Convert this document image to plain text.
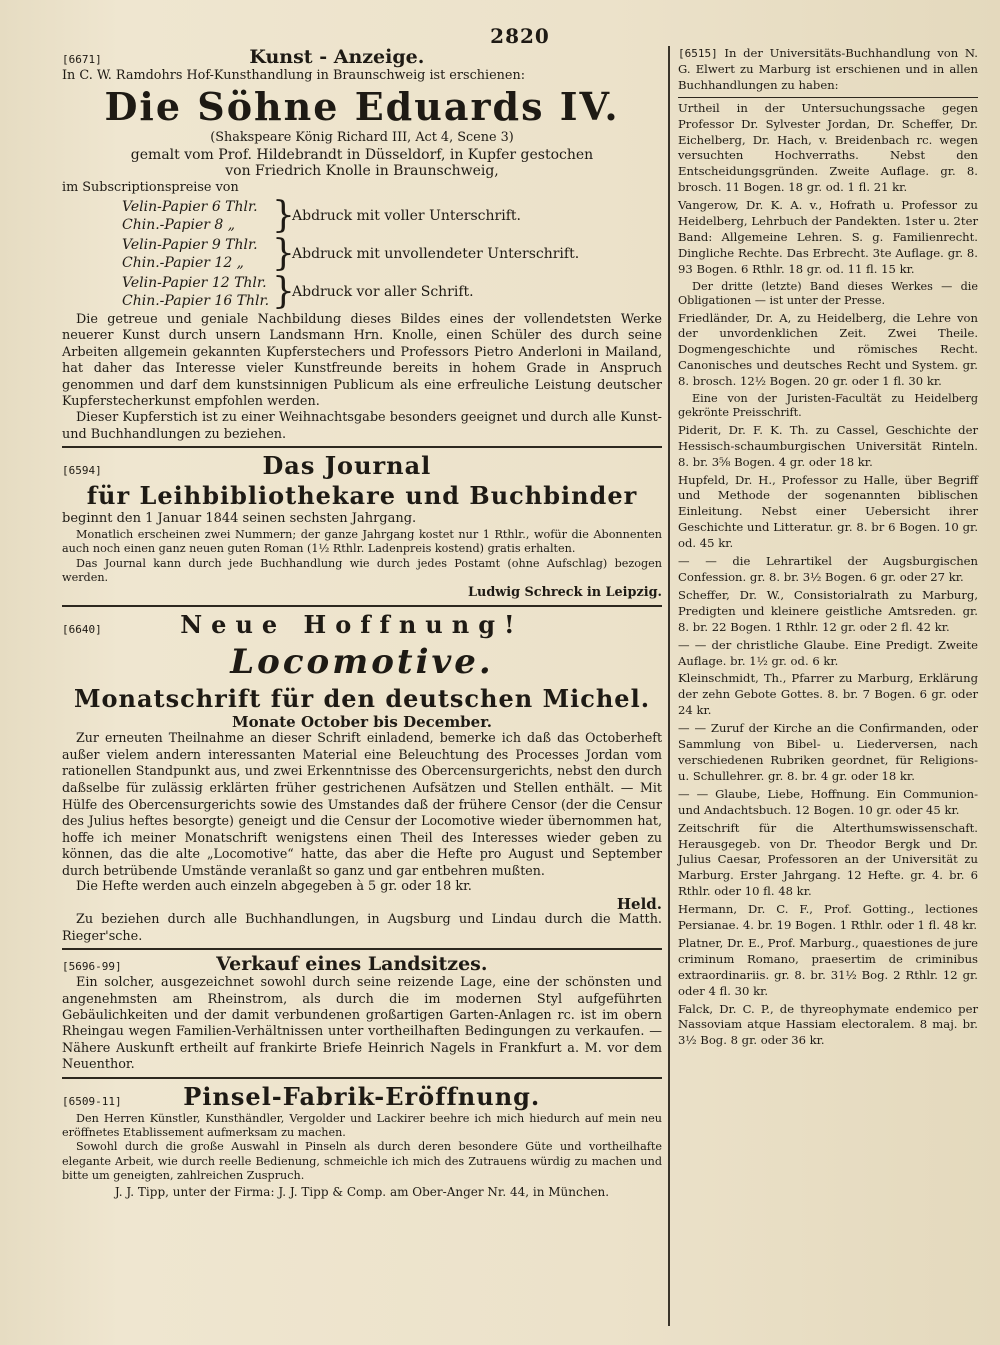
2820
[6671]	Kunst - Anzeige.
In C. W. Ramdohrs Hof-Kunsthandlung in Braunschweig ist erschienen:
Die Söhne Eduards IV.
(Shakspeare König Richard III, Act 4, Scene 3)
gemalt vom Prof. Hildebrandt in Düsseldorf, in Kupfer gestochen
von Friedrich Knolle in Braunschweig,
im Subscriptionspreise von
Velin-Papier 6 Thlr.
Chin.-Papier 8 „	}
Abdruck mit voller Unterschrift.
Velin-Papier 9 Thlr.
Chin.-Papier 12 „ }
Abdruck mit unvollendeter Unterschrift.
Velin-Papier 12 Thlr.
Chin.-Papier 16 Thlr. }
Abdruck vor aller Schrift.
Die getreue und geniale Nachbildung dieses Bildes eines der vollendetsten Werke neuerer Kunst durch unsern Landsmann Hrn. Knolle, einen Schüler des durch seine Arbeiten allgemein gekannten Kupferstechers und Professors Pietro Anderloni in Mailand, hat daher das Interesse vieler Kunstfreunde bereits in hohem Grade in Anspruch genommen und darf dem kunstsinnigen Publicum als eine erfreuliche Leistung deutscher Kupferstecherkunst empfohlen werden.
Dieser Kupferstich ist zu einer Weihnachtsgabe besonders geeignet und durch alle Kunst- und Buchhandlungen zu beziehen.
[6594]	Das Journal
für Leihbibliothekare und Buchbinder
beginnt den 1 Januar 1844 seinen sechsten Jahrgang.
Monatlich erscheinen zwei Nummern; der ganze Jahrgang kostet nur 1 Rthlr., wofür die Abonnenten auch noch einen ganz neuen guten Roman (1½ Rthlr. Ladenpreis kostend) gratis erhalten.
Das Journal kann durch jede Buchhandlung wie durch jedes Postamt (ohne Aufschlag) bezogen werden.
Ludwig Schreck in Leipzig.
[6640]	Neue Hoffnung!
Locomotive.
Monatschrift für den deutschen Michel.
Monate October bis December.
Zur erneuten Theilnahme an dieser Schrift einladend, bemerke ich daß das Octoberheft außer vielem andern interessanten Material eine Beleuchtung des Processes Jordan vom rationellen Standpunkt aus, und zwei Erkenntnisse des Obercensurgerichts, nebst den durch daßselbe für zulässig erklärten früher gestrichenen Aufsätzen und Stellen enthält. — Mit Hülfe des Obercensurgerichts sowie des Umstandes daß der frühere Censor (der die Censur des Julius heftes besorgte) geneigt und die Censur der Locomotive wieder übernommen hat, hoffe ich meiner Monatschrift wenigstens einen Theil des Interesses wieder geben zu können, das die alte „Locomotive“ hatte, das aber die Hefte pro August und September durch betrübende Umstände veranlaßt so ganz und gar entbehren mußten.
Die Hefte werden auch einzeln abgegeben à 5 gr. oder 18 kr.
Held.
Zu beziehen durch alle Buchhandlungen, in Augsburg und Lindau durch die Matth. Rieger'sche.
[5696-99]	Verkauf eines Landsitzes.
Ein solcher, ausgezeichnet sowohl durch seine reizende Lage, eine der schönsten und angenehmsten am Rheinstrom, als durch die im modernen Styl aufgeführten Gebäulichkeiten und der damit verbundenen großartigen Garten-Anlagen rc. ist im obern Rheingau wegen Familien-Verhältnissen unter vortheilhaften Bedingungen zu verkaufen. — Nähere Auskunft ertheilt auf frankirte Briefe Heinrich Nagels in Frankfurt a. M. vor dem Neuenthor.
[6509-11]	Pinsel-Fabrik-Eröffnung.
Den Herren Künstler, Kunsthändler, Vergolder und Lackirer beehre ich mich hiedurch auf mein neu eröffnetes Etablissement aufmerksam zu machen.
Sowohl durch die große Auswahl in Pinseln als durch deren besondere Güte und vortheilhafte elegante Arbeit, wie durch reelle Bedienung, schmeichle ich mich des Zutrauens würdig zu machen und bitte um geneigten, zahlreichen Zuspruch.
J. J. Tipp, unter der Firma: J. J. Tipp & Comp. am Ober-Anger Nr. 44, in München.
[6515] In der Universitäts-Buchhandlung von N. G. Elwert zu Marburg ist erschienen und in allen Buchhandlungen zu haben:
Urtheil in der Untersuchungssache gegen Professor Dr. Sylvester Jordan, Dr. Scheffer, Dr. Eichelberg, Dr. Hach, v. Breidenbach rc. wegen versuchten Hochverraths. Nebst den Entscheidungsgründen. Zweite Auflage. gr. 8. brosch. 11 Bogen. 18 gr. od. 1 fl. 21 kr.
Vangerow, Dr. K. A. v., Hofrath u. Professor zu Heidelberg, Lehrbuch der Pandekten. 1ster u. 2ter Band: Allgemeine Lehren. S. g. Familienrecht. Dingliche Rechte. Das Erbrecht. 3te Auflage. gr. 8. 93 Bogen. 6 Rthlr. 18 gr. od. 11 fl. 15 kr.
Der dritte (letzte) Band dieses Werkes — die Obligationen — ist unter der Presse.
Friedländer, Dr. A, zu Heidelberg, die Lehre von der unvordenklichen Zeit. Zwei Theile. Dogmengeschichte und römisches Recht. Canonisches und deutsches Recht und System. gr. 8. brosch. 12½ Bogen. 20 gr. oder 1 fl. 30 kr.
Eine von der Juristen-Facultät zu Heidelberg gekrönte Preisschrift.
Piderit, Dr. F. K. Th. zu Cassel, Geschichte der Hessisch-schaumburgischen Universität Rinteln. 8. br. 3⅝ Bogen. 4 gr. oder 18 kr.
Hupfeld, Dr. H., Professor zu Halle, über Begriff und Methode der sogenannten biblischen Einleitung. Nebst einer Uebersicht ihrer Geschichte und Litteratur. gr. 8. br 6 Bogen. 10 gr. od. 45 kr.
— — die Lehrartikel der Augsburgischen Confession. gr. 8. br. 3½ Bogen. 6 gr. oder 27 kr.
Scheffer, Dr. W., Consistorialrath zu Marburg, Predigten und kleinere geistliche Amtsreden. gr. 8. br. 22 Bogen. 1 Rthlr. 12 gr. oder 2 fl. 42 kr.
— — der christliche Glaube. Eine Predigt. Zweite Auflage. br. 1½ gr. od. 6 kr.
Kleinschmidt, Th., Pfarrer zu Marburg, Erklärung der zehn Gebote Gottes. 8. br. 7 Bogen. 6 gr. oder 24 kr.
— — Zuruf der Kirche an die Confirmanden, oder Sammlung von Bibel- u. Liederversen, nach verschiedenen Rubriken geordnet, für Religions- u. Schullehrer. gr. 8. br. 4 gr. oder 18 kr.
— — Glaube, Liebe, Hoffnung. Ein Communion- und Andachtsbuch. 12 Bogen. 10 gr. oder 45 kr.
Zeitschrift für die Alterthumswissenschaft. Herausgegeb. von Dr. Theodor Bergk und Dr. Julius Caesar, Professoren an der Universität zu Marburg. Erster Jahrgang. 12 Hefte. gr. 4. br. 6 Rthlr. oder 10 fl. 48 kr.
Hermann, Dr. C. F., Prof. Gotting., lectiones Persianae. 4. br. 19 Bogen. 1 Rthlr. oder 1 fl. 48 kr.
Platner, Dr. E., Prof. Marburg., quaestiones de jure criminum Romano, praesertim de criminibus extraordinariis. gr. 8. br. 31½ Bog. 2 Rthlr. 12 gr. oder 4 fl. 30 kr.
Falck, Dr. C. P., de thyreophymate endemico per Nassoviam atque Hassiam electoralem. 8 maj. br. 3½ Bog. 8 gr. oder 36 kr.
